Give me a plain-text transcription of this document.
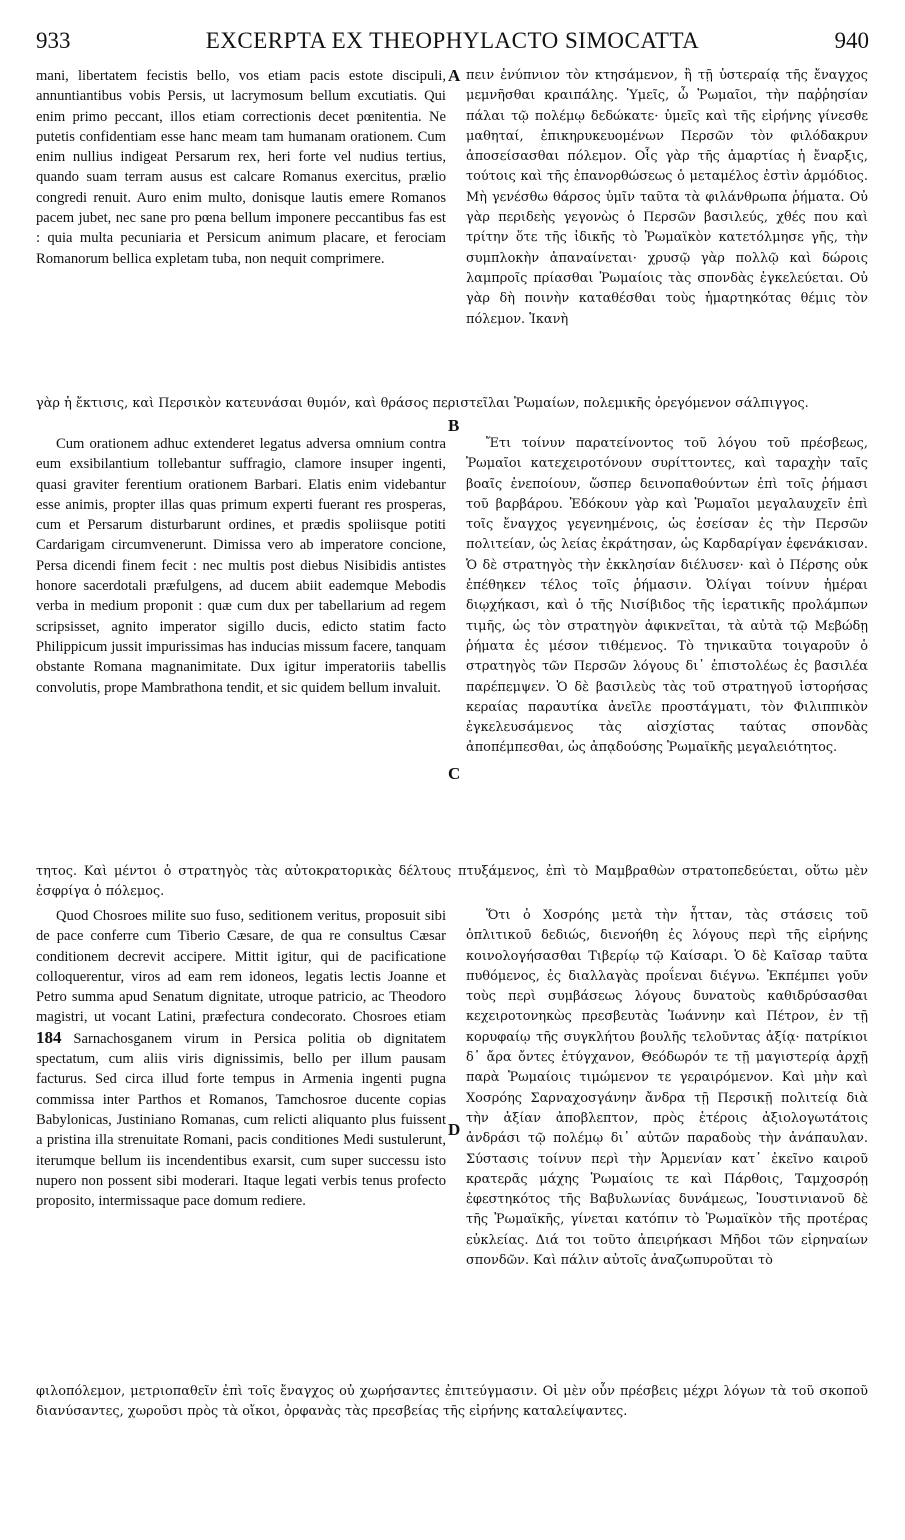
933	EXCERPTA EX THEOPHYLACTO SIMOCATTA	940

mani, libertatem fecistis bello, vos etiam pacis estote discipuli, annuntiantibus vobis Persis, ut lacrymosum bellum excutiatis. Qui enim primo peccant, illos etiam correctionis decet pœnitentia. Ne putetis confidentiam esse hanc meam tam humanam orationem. Cum enim nullius indigeat Persarum rex, heri forte vel nudius tertius, quando suam terram ausus est calcare Romanus exercitus, prælio congredi renuit. Auro enim multo, donisque lautis emere Romanos pacem jubet, nec sane pro pœna bellum imponere peccantibus fas est : quia multa pecuniaria et Persicum animum placare, et ferociam Romanorum bellica expletam tuba, non nequit comprimere.

A πειν ἐνύπνιον τὸν κτησάμενον, ἢ τῇ ὑστεραίᾳ τῆς ἔναγχος μεμνῆσθαι κραιπάλης. Ὑμεῖς, ὦ Ῥωμαῖοι, τὴν παῤῥησίαν πάλαι τῷ πολέμῳ δεδώκατε· ὑμεῖς καὶ τῆς εἰρήνης γίνεσθε μαθηταί, ἐπικηρυκευομένων Περσῶν τὸν φιλόδακρυν ἀποσείσασθαι πόλεμον. Οἷς γὰρ τῆς ἁμαρτίας ἡ ἔναρξις, τούτοις καὶ τῆς ἐπανορθώσεως ὁ μεταμέλος ἐστὶν ἁρμόδιος. Μὴ γενέσθω θάρσος ὑμῖν ταῦτα τὰ φιλάνθρωπα ῥήματα. Οὐ γὰρ περιδεὴς γεγονὼς ὁ Περσῶν βασιλεύς, χθές που καὶ τρίτην ὅτε τῆς ἰδικῆς τὸ Ῥωμαϊκὸν κατετόλμησε γῆς, τὴν συμπλοκὴν ἀπαναίνεται· χρυσῷ γὰρ πολλῷ καὶ δώροις λαμπροῖς πρίασθαι Ῥωμαίοις τὰς σπονδὰς ἐγκελεύεται. Οὐ γὰρ δὴ ποινὴν καταθέσθαι τοὺς ἡμαρτηκότας θέμις τὸν πόλεμον. Ἱκανὴ

γὰρ ἡ ἔκτισις, καὶ Περσικὸν κατευνάσαι θυμόν, καὶ θράσος περιστεῖλαι Ῥωμαίων, πολεμικῆς ὀρεγόμενον σάλπιγγος.
B

Cum orationem adhuc extenderet legatus adversa omnium contra eum exsibilantium tollebantur suffragio, clamore insuper ingenti, quasi graviter ferentium orationem Barbari. Elatis enim videbantur esse animis, propter illas quas primum experti fuerant res prosperas, cum et Persarum disturbarunt ordines, et prædis spoliisque potiti Cardarigam circumvenerunt. Dimissa vero ab imperatore concione, Persa dicendi finem fecit : nec multis post diebus Nisibidis antistes honore sacerdotali præfulgens, ad ducem abiit eademque Mebodis verba in medium proponit : quæ cum dux per tabellarium ad regem scripsisset, agnito imperator sigillo ducis, edicto statim facto Philippicum jussit impurissimas has inducias missum facere, tanquam obstante Romana magnanimitate. Dux igitur imperatoriis tabellis convolutis, prope Mambrathona tendit, et sic quidem bellum invaluit.

C

Ἔτι τοίνυν παρατείνοντος τοῦ λόγου τοῦ πρέσβεως, Ῥωμαῖοι κατεχειροτόνουν συρίττοντες, καὶ ταραχὴν ταῖς βοαῖς ἐνεποίουν, ὥσπερ δεινοπαθούντων ἐπὶ τοῖς ῥήμασι τοῦ βαρβάρου. Ἐδόκουν γὰρ καὶ Ῥωμαῖοι μεγαλαυχεῖν ἐπὶ τοῖς ἔναγχος γεγενημένοις, ὡς ἐσείσαν ἐς τὴν Περσῶν πολιτείαν, ὡς λείας ἐκράτησαν, ὡς Καρδαρίγαν ἐφενάκισαν. Ὁ δὲ στρατηγὸς τὴν ἐκκλησίαν διέλυσεν· καὶ ὁ Πέρσης οὐκ ἐπέθηκεν τέλος τοῖς ῥήμασιν. Ὀλίγαι τοίνυν ἡμέραι διῳχήκασι, καὶ ὁ τῆς Νισίβιδος τῆς ἱερατικῆς προλάμπων τιμῆς, ὡς τὸν στρατηγὸν ἀφικνεῖται, τὰ αὐτὰ τῷ Μεβώδῃ ῥήματα ἐς μέσον τιθέμενος. Τὸ τηνικαῦτα τοιγαροῦν ὁ στρατηγὸς τῶν Περσῶν λόγους δι᾽ ἐπιστολέως ἐς βασιλέα παρέπεμψεν. Ὁ δὲ βασιλεὺς τὰς τοῦ στρατηγοῦ ἱστορήσας κεραίας παραυτίκα ἀνεῖλε προστάγματι, τὸν Φιλιππικὸν ἐγκελευσάμενος τὰς αἰσχίστας ταύτας σπονδὰς ἀποπέμπεσθαι, ὡς ἀπᾳδούσης Ῥωμαϊκῆς μεγαλειότητος.

τητος. Καὶ μέντοι ὁ στρατηγὸς τὰς αὐτοκρατορικὰς δέλτους πτυξάμενος, ἐπὶ τὸ Μαμβραθὼν στρατοπεδεύεται, οὕτω μὲν ἐσφρίγα ὁ πόλεμος.

Quod Chosroes milite suo fuso, seditionem veritus, proposuit sibi de pace conferre cum Tiberio Cæsare, de qua re consultus Cæsar conditionem decrevit accipere. Mittit igitur, qui de pacificatione colloquerentur, viros ad eam rem idoneos, legatis lectis Joanne et Petro summa apud Senatum dignitate, utroque patricio, ac Theodoro magistri, ut vocant Latini, præfectura condecorato. Chosroes etiam 184 Sarnachosganem virum in Persica politia ob dignitatem spectatum, cum aliis viris dignissimis, bello per illum pausam facturus. Sed circa illud forte tempus in Armenia ingenti pugna commissa inter Parthos et Romanos, Tamchosroe ducente copias Babylonicas, Justiniano Romanas, cum relicti aliquanto plus fuissent a pristina illa strenuitate Romani, pacis conditiones Medi sustulerunt, iterumque bellum iis incendentibus exarsit, cum super successu isto nupero non possent sibi moderari. Itaque legati verbis tenus profecto proposito, intermissaque pace domum rediere.

D

Ὅτι ὁ Χοσρόης μετὰ τὴν ἧτταν, τὰς στάσεις τοῦ ὁπλιτικοῦ δεδιώς, διενοήθη ἐς λόγους περὶ τῆς εἰρήνης κοινολογήσασθαι Τιβερίῳ τῷ Καίσαρι. Ὁ δὲ Καῖσαρ ταῦτα πυθόμενος, ἐς διαλλαγὰς προΐεναι διέγνω. Ἐκπέμπει γοῦν τοὺς περὶ συμβάσεως λόγους δυνατοὺς καθιδρύσασθαι κεχειροτονηκὼς πρεσβευτὰς Ἰωάννην καὶ Πέτρον, ἐν τῇ κορυφαίῳ τῆς συγκλήτου βουλῆς τελοῦντας ἀξίᾳ· πατρίκιοι δ᾽ ἄρα ὄντες ἐτύγχανον, Θεόδωρόν τε τῇ μαγιστερίᾳ ἀρχῇ παρὰ Ῥωμαίοις τιμώμενον τε γεραιρόμενον. Καὶ μὴν καὶ Χοσρόης Σαρναχοσγάνην ἄνδρα τῇ Περσικῇ πολιτείᾳ διὰ τὴν ἀξίαν ἀποβλεπτον, πρὸς ἑτέροις ἀξιολογωτάτοις ἀνδράσι τῷ πολέμῳ δι᾽ αὐτῶν παραδοὺς τὴν ἀνάπαυλαν. Σύστασις τοίνυν περὶ τὴν Ἀρμενίαν κατ᾽ ἐκεῖνο καιροῦ κρατερᾶς μάχης Ῥωμαίοις τε καὶ Πάρθοις, Ταμχοσρόῃ ἐφεστηκότος τῆς Βαβυλωνίας δυνάμεως, Ἰουστινιανοῦ δὲ τῆς Ῥωμαϊκῆς, γίνεται κατόπιν τὸ Ῥωμαϊκὸν τῆς προτέρας εὐκλείας. Διά τοι τοῦτο ἀπειρήκασι Μῆδοι τῶν εἰρηναίων σπονδῶν. Καὶ πάλιν αὐτοῖς ἀναζωπυροῦται τὸ

φιλοπόλεμον, μετριοπαθεῖν ἐπὶ τοῖς ἔναγχος οὐ χωρήσαντες ἐπιτεύγμασιν. Οἱ μὲν οὖν πρέσβεις μέχρι λόγων τὰ τοῦ σκοποῦ διανύσαντες, χωροῦσι πρὸς τὰ οἴκοι, ὀρφανὰς τὰς πρεσβείας τῆς εἰρήνης καταλείψαντες.
